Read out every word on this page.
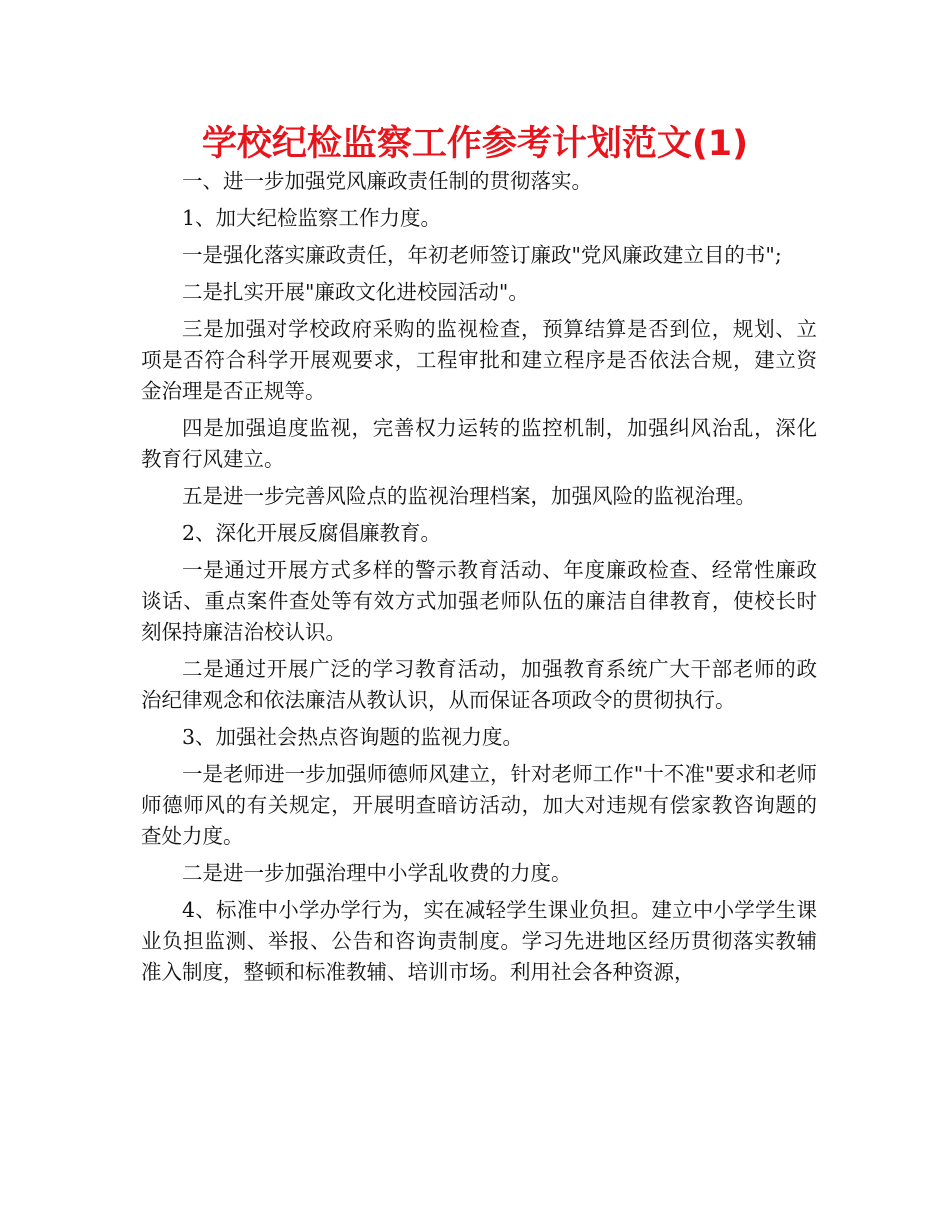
学校纪检监察工作参考计划范文(1)

一、进一步加强党风廉政责任制的贯彻落实。

1、加大纪检监察工作力度。

一是强化落实廉政责任，年初老师签订廉政"党风廉政建立目的书";

二是扎实开展"廉政文化进校园活动"。

三是加强对学校政府采购的监视检查，预算结算是否到位，规划、立项是否符合科学开展观要求，工程审批和建立程序是否依法合规，建立资金治理是否正规等。

四是加强追度监视，完善权力运转的监控机制，加强纠风治乱，深化教育行风建立。

五是进一步完善风险点的监视治理档案，加强风险的监视治理。

2、深化开展反腐倡廉教育。

一是通过开展方式多样的警示教育活动、年度廉政检查、经常性廉政谈话、重点案件查处等有效方式加强老师队伍的廉洁自律教育，使校长时刻保持廉洁治校认识。

二是通过开展广泛的学习教育活动，加强教育系统广大干部老师的政治纪律观念和依法廉洁从教认识，从而保证各项政令的贯彻执行。

3、加强社会热点咨询题的监视力度。

一是老师进一步加强师德师风建立，针对老师工作"十不准"要求和老师师德师风的有关规定，开展明查暗访活动，加大对违规有偿家教咨询题的查处力度。

二是进一步加强治理中小学乱收费的力度。

4、标准中小学办学行为，实在减轻学生课业负担。建立中小学学生课业负担监测、举报、公告和咨询责制度。学习先进地区经历贯彻落实教辅准入制度，整顿和标准教辅、培训市场。利用社会各种资源，
